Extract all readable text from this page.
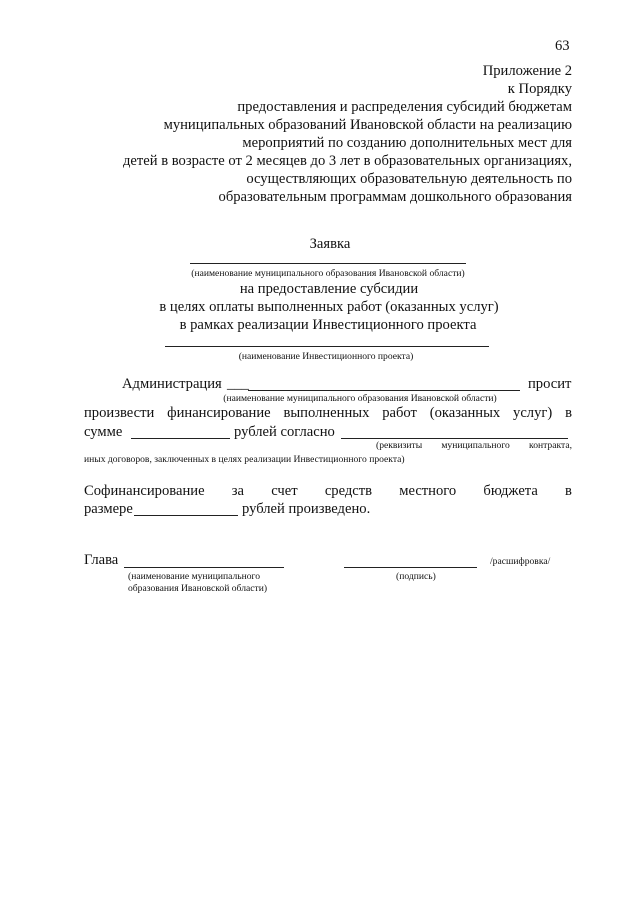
63
Приложение 2
к Порядку
предоставления и распределения субсидий бюджетам
муниципальных образований Ивановской области на реализацию
мероприятий по созданию дополнительных мест для
детей в возрасте от 2 месяцев до 3 лет в образовательных организациях,
осуществляющих образовательную деятельность по
образовательным программам дошкольного образования
Заявка
(наименование муниципального образования Ивановской области)
на предоставление субсидии
в целях оплаты выполненных работ (оказанных услуг)
в рамках реализации Инвестиционного проекта
(наименование Инвестиционного проекта)
Администрация ___	просит
(наименование муниципального образования Ивановской области)
произвести финансирование выполненных работ (оказанных услуг) в
сумме	рублей согласно
(реквизиты муниципального контракта,
иных договоров, заключенных в целях реализации Инвестиционного проекта)
Софинансирование за счет средств местного бюджета в
размере	рублей произведено.
Глава	/расшифровка/
(наименование муниципального
образования Ивановской области)
(подпись)
